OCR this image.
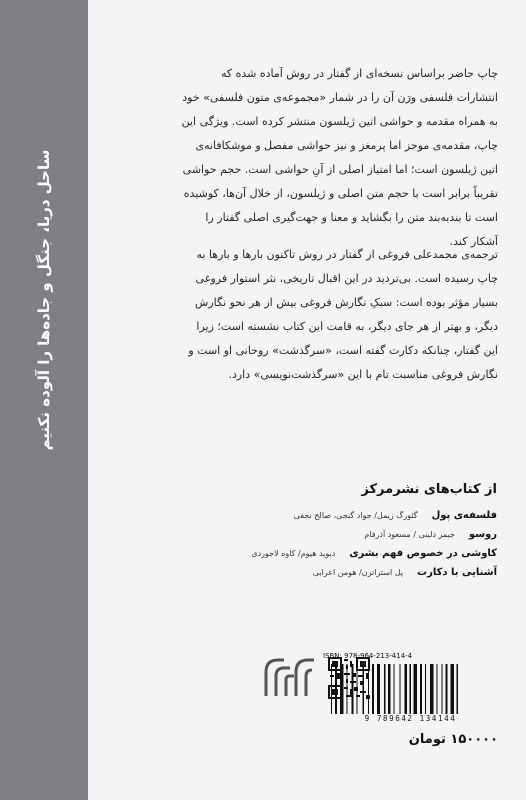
ساحل دریا، جنگل و جاده‌ها را آلوده نکنیم

چاپ حاضر براساس نسخه‌ای از گفتار در روش آماده شده که انتشارات فلسفی ورَن آن را در شمار «مجموعه‌ی متون فلسفی» خود به همراه مقدمه و حواشی اتین ژیلسون منتشر کرده است. ویژگی این چاپ، مقدمه‌ی موجز اما پرمغز و نیز حواشی مفصل و موشکافانه‌ی اتین ژیلسون است؛ اما امتیاز اصلی از آنِ حواشی است. حجم حواشی تقریباً برابر است با حجم متن اصلی و ژیلسون، از خلال آن‌ها، کوشیده است تا بندبه‌بند متن را بگشاید و معنا و جهت‌گیری اصلی گفتار را آشکار کند.

ترجمه‌ی محمدعلی فروغی از گفتار در روش تاکنون بارها و بارها به چاپ رسیده است. بی‌تردید در این اقبال تاریخی، نثر استوار فروغی بسیار مؤثر بوده است: سبکِ نگارش فروغی بیش از هر نحو نگارش دیگر، و بهتر از هر جای دیگر، به قامت این کتاب نشسته است؛ زیرا این گفتار، چنانکه دکارت گفته است، «سرگذشت» روحانی او است و نگارش فروغی مناسبت تام با این «سرگذشت‌نویسی» دارد.

از کتاب‌های نشرمرکز
فلسفه‌ی پول
گئورگ زیمل/ جواد گنجی، صالح نجفی
روسو
جیمز دلینی / مسعود آذرفام
کاوشی در خصوص فهم بشری
دیوید هیوم/ کاوه لاجوردی
آشنایی با دکارت
پل استراترن/ هومن اعرابی
ISBN: 978-964-213-414-4
9 789642 134144
۱۵۰۰۰۰ تومان
